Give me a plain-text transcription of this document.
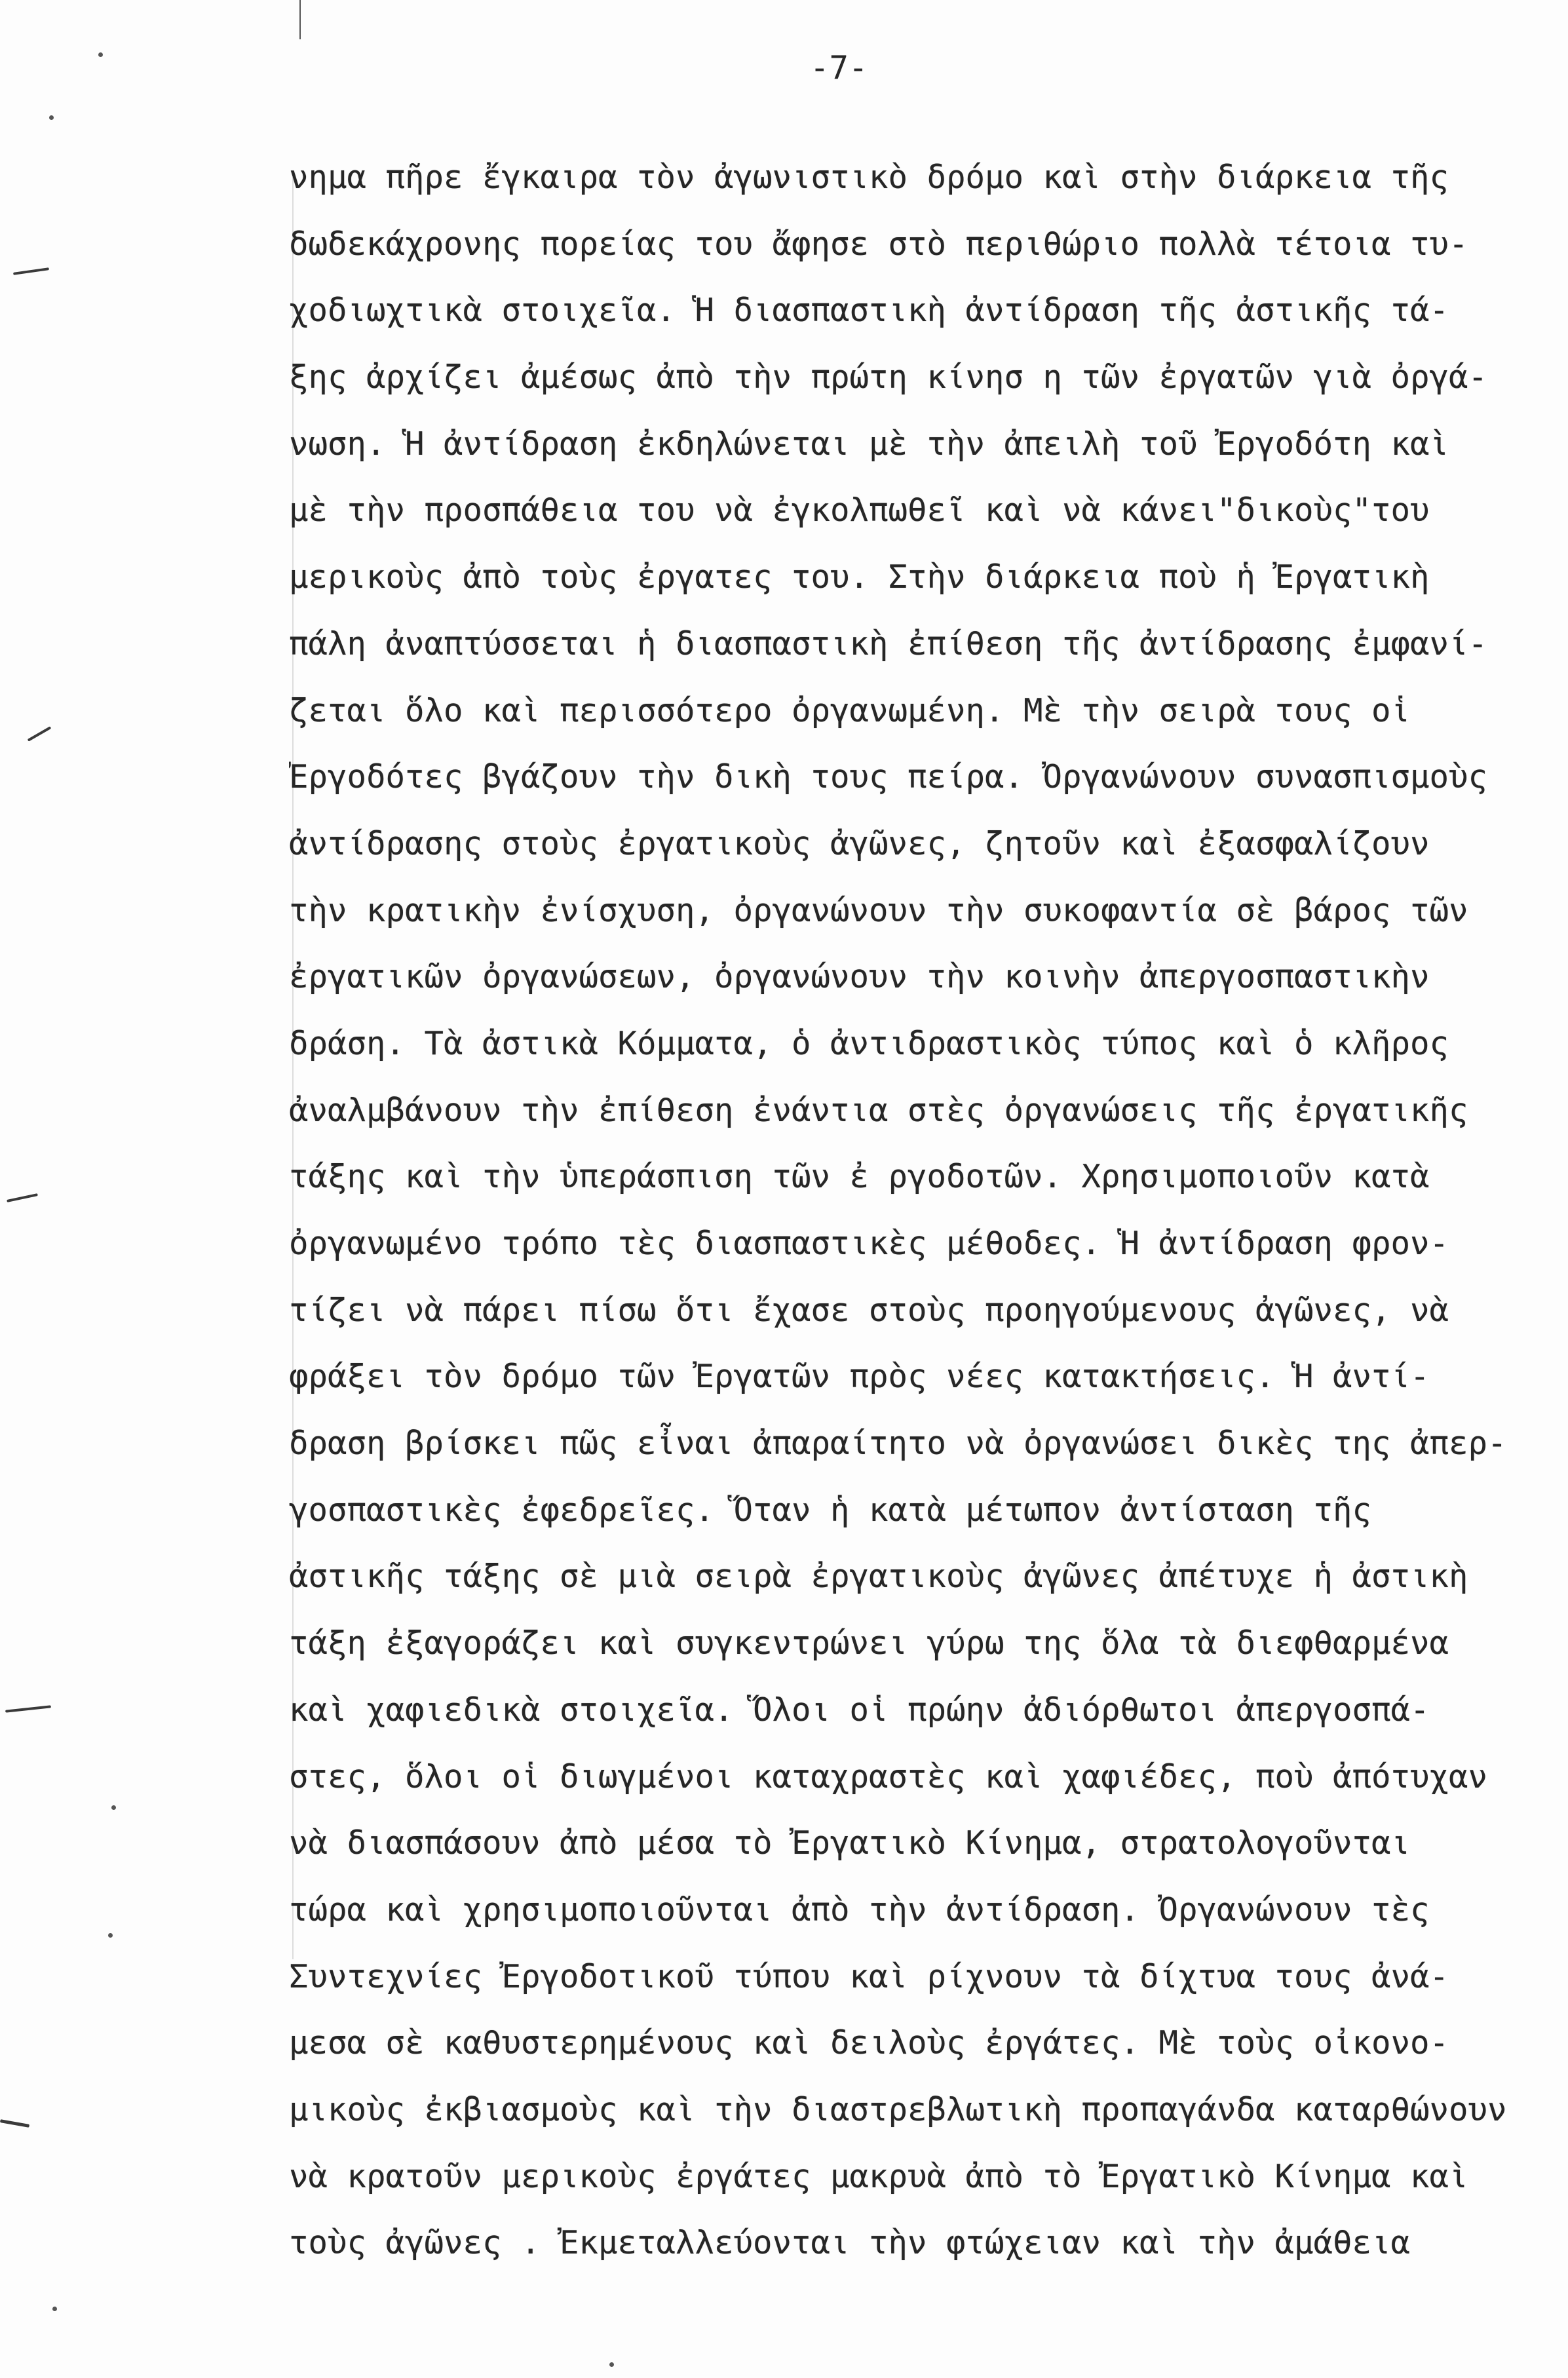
-7-
νημα πῆρε ἔγκαιρα τὸν ἀγωνιστικὸ δρόμο καὶ στὴν διάρκεια τῆς
δωδεκάχρονης πορείας του ἄφησε στὸ περιθώριο πολλὰ τέτοια τυ-
χοδιωχτικὰ στοιχεῖα. Ἡ διασπαστικὴ ἀντίδραση τῆς ἀστικῆς τά-
ξης ἀρχίζει ἀμέσως ἀπὸ τὴν πρώτη κίνησ η τῶν ἐργατῶν γιὰ ὀργά-
νωση. Ἡ ἀντίδραση ἐκδηλώνεται μὲ τὴν ἀπειλὴ τοῦ Ἐργοδότη καὶ
μὲ τὴν προσπάθεια του νὰ ἐγκολπωθεῖ καὶ νὰ κάνει"δικοὺς"του
μερικοὺς ἀπὸ τοὺς ἐργατες του. Στὴν διάρκεια ποὺ ἡ Ἐργατικὴ
πάλη ἀναπτύσσεται ἡ διασπαστικὴ ἐπίθεση τῆς ἀντίδρασης ἐμφανί-
ζεται ὅλο καὶ περισσότερο ὀργανωμένη. Μὲ τὴν σειρὰ τους οἱ
Ἐργοδότες βγάζουν τὴν δικὴ τους πείρα. Ὀργανώνουν συνασπισμοὺς
ἀντίδρασης στοὺς ἐργατικοὺς ἀγῶνες, ζητοῦν καὶ ἐξασφαλίζουν
τὴν κρατικὴν ἐνίσχυση, ὀργανώνουν τὴν συκοφαντία σὲ βάρος τῶν
ἐργατικῶν ὀργανώσεων, ὀργανώνουν τὴν κοινὴν ἀπεργοσπαστικὴν
δράση. Τὰ ἀστικὰ Κόμματα, ὁ ἀντιδραστικὸς τύπος καὶ ὁ κλῆρος
ἀναλμβάνουν τὴν ἐπίθεση ἐνάντια στὲς ὀργανώσεις τῆς ἐργατικῆς
τάξης καὶ τὴν ὑπεράσπιση τῶν ἐ ργοδοτῶν. Χρησιμοποιοῦν κατὰ
ὀργανωμένο τρόπο τὲς διασπαστικὲς μέθοδες. Ἡ ἀντίδραση φρον-
τίζει νὰ πάρει πίσω ὅτι ἔχασε στοὺς προηγούμενους ἀγῶνες, νὰ
φράξει τὸν δρόμο τῶν Ἐργατῶν πρὸς νέες κατακτήσεις. Ἡ ἀντί-
δραση βρίσκει πῶς εἶναι ἀπαραίτητο νὰ ὀργανώσει δικὲς της ἀπερ-
γοσπαστικὲς ἐφεδρεῖες. Ὅταν ἡ κατὰ μέτωπον ἀντίσταση τῆς
ἀστικῆς τάξης σὲ μιὰ σειρὰ ἐργατικοὺς ἀγῶνες ἀπέτυχε ἡ ἀστικὴ
τάξη ἐξαγοράζει καὶ συγκεντρώνει γύρω της ὅλα τὰ διεφθαρμένα
καὶ χαφιεδικὰ στοιχεῖα. Ὅλοι οἱ πρώην ἀδιόρθωτοι ἀπεργοσπά-
στες, ὅλοι οἱ διωγμένοι καταχραστὲς καὶ χαφιέδες, ποὺ ἀπότυχαν
νὰ διασπάσουν ἀπὸ μέσα τὸ Ἐργατικὸ Κίνημα, στρατολογοῦνται
τώρα καὶ χρησιμοποιοῦνται ἀπὸ τὴν ἀντίδραση. Ὀργανώνουν τὲς
Συντεχνίες Ἐργοδοτικοῦ τύπου καὶ ρίχνουν τὰ δίχτυα τους ἀνά-
μεσα σὲ καθυστερημένους καὶ δειλοὺς ἐργάτες. Μὲ τοὺς οἰκονο-
μικοὺς ἐκβιασμοὺς καὶ τὴν διαστρεβλωτικὴ προπαγάνδα καταρθώνουν
νὰ κρατοῦν μερικοὺς ἐργάτες μακρυὰ ἀπὸ τὸ Ἐργατικὸ Κίνημα καὶ
τοὺς ἀγῶνες . Ἐκμεταλλεύονται τὴν φτώχειαν καὶ τὴν ἀμάθεια
